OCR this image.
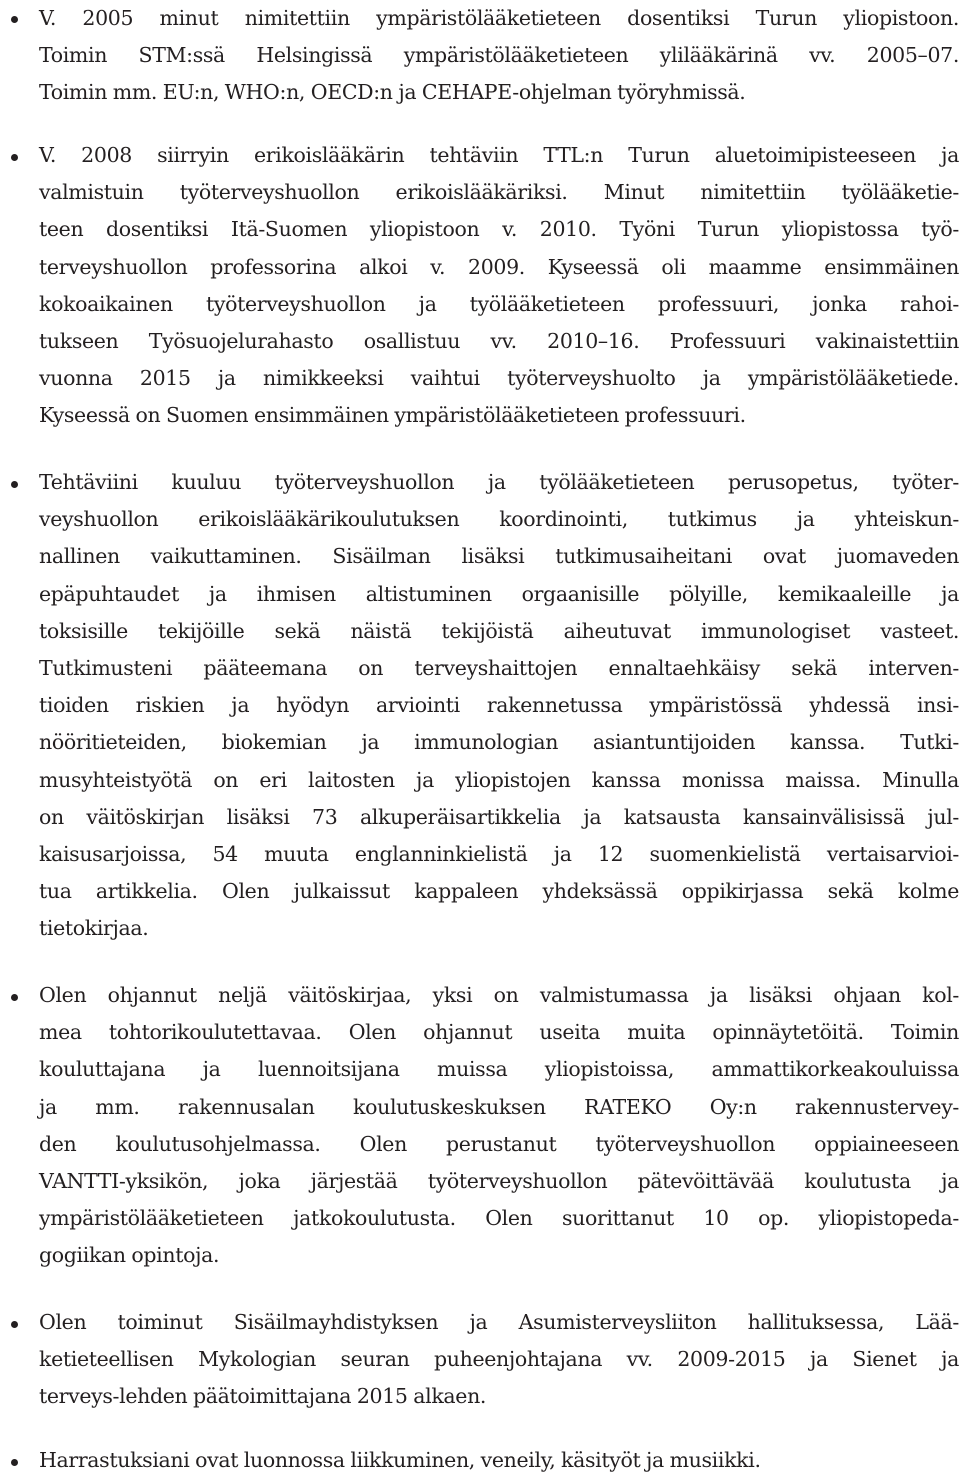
V. 2005 minut nimitettiin ympäristölääketieteen dosentiksi Turun yliopistoon.
Toimin STM:ssä Helsingissä ympäristölääketieteen ylilääkärinä vv. 2005–07.
Toimin mm. EU:n, WHO:n, OECD:n ja CEHAPE-ohjelman työryhmissä.

V. 2008 siirryin erikoislääkärin tehtäviin TTL:n Turun aluetoimipisteeseen ja
valmistuin työterveyshuollon erikoislääkäriksi. Minut nimitettiin työlääketie-
teen dosentiksi Itä-Suomen yliopistoon v. 2010. Työni Turun yliopistossa työ-
terveyshuollon professorina alkoi v. 2009. Kyseessä oli maamme ensimmäinen
kokoaikainen työterveyshuollon ja työlääketieteen professuuri, jonka rahoi-
tukseen Työsuojelurahasto osallistuu vv. 2010–16. Professuuri vakinaistettiin
vuonna 2015 ja nimikkeeksi vaihtui työterveyshuolto ja ympäristölääketiede.
Kyseessä on Suomen ensimmäinen ympäristölääketieteen professuuri.

Tehtäviini kuuluu työterveyshuollon ja työlääketieteen perusopetus, työter-
veyshuollon erikoislääkärikoulutuksen koordinointi, tutkimus ja yhteiskun-
nallinen vaikuttaminen. Sisäilman lisäksi tutkimusaiheitani ovat juomaveden
epäpuhtaudet ja ihmisen altistuminen orgaanisille pölyille, kemikaaleille ja
toksisille tekijöille sekä näistä tekijöistä aiheutuvat immunologiset vasteet.
Tutkimusteni pääteemana on terveyshaittojen ennaltaehkäisy sekä interven-
tioiden riskien ja hyödyn arviointi rakennetussa ympäristössä yhdessä insi-
nööritieteiden, biokemian ja immunologian asiantuntijoiden kanssa. Tutki-
musyhteistyötä on eri laitosten ja yliopistojen kanssa monissa maissa. Minulla
on väitöskirjan lisäksi 73 alkuperäisartikkelia ja katsausta kansainvälisissä jul-
kaisusarjoissa, 54 muuta englanninkielistä ja 12 suomenkielistä vertaisarvioi-
tua artikkelia. Olen julkaissut kappaleen yhdeksässä oppikirjassa sekä kolme
tietokirjaa.

Olen ohjannut neljä väitöskirjaa, yksi on valmistumassa ja lisäksi ohjaan kol-
mea tohtorikoulutettavaa. Olen ohjannut useita muita opinnäytetöitä. Toimin
kouluttajana ja luennoitsijana muissa yliopistoissa, ammattikorkeakouluissa
ja mm. rakennusalan koulutuskeskuksen RATEKO Oy:n rakennustervey-
den koulutusohjelmassa. Olen perustanut työterveyshuollon oppiaineeseen
VANTTI-yksikön, joka järjestää työterveyshuollon pätevöittävää koulutusta ja
ympäristölääketieteen jatkokoulutusta. Olen suorittanut 10 op. yliopistopeda-
gogiikan opintoja.

Olen toiminut Sisäilmayhdistyksen ja Asumisterveysliiton hallituksessa, Lää-
ketieteellisen Mykologian seuran puheenjohtajana vv. 2009-2015 ja Sienet ja
terveys-lehden päätoimittajana 2015 alkaen.

Harrastuksiani ovat luonnossa liikkuminen, veneily, käsityöt ja musiikki.
